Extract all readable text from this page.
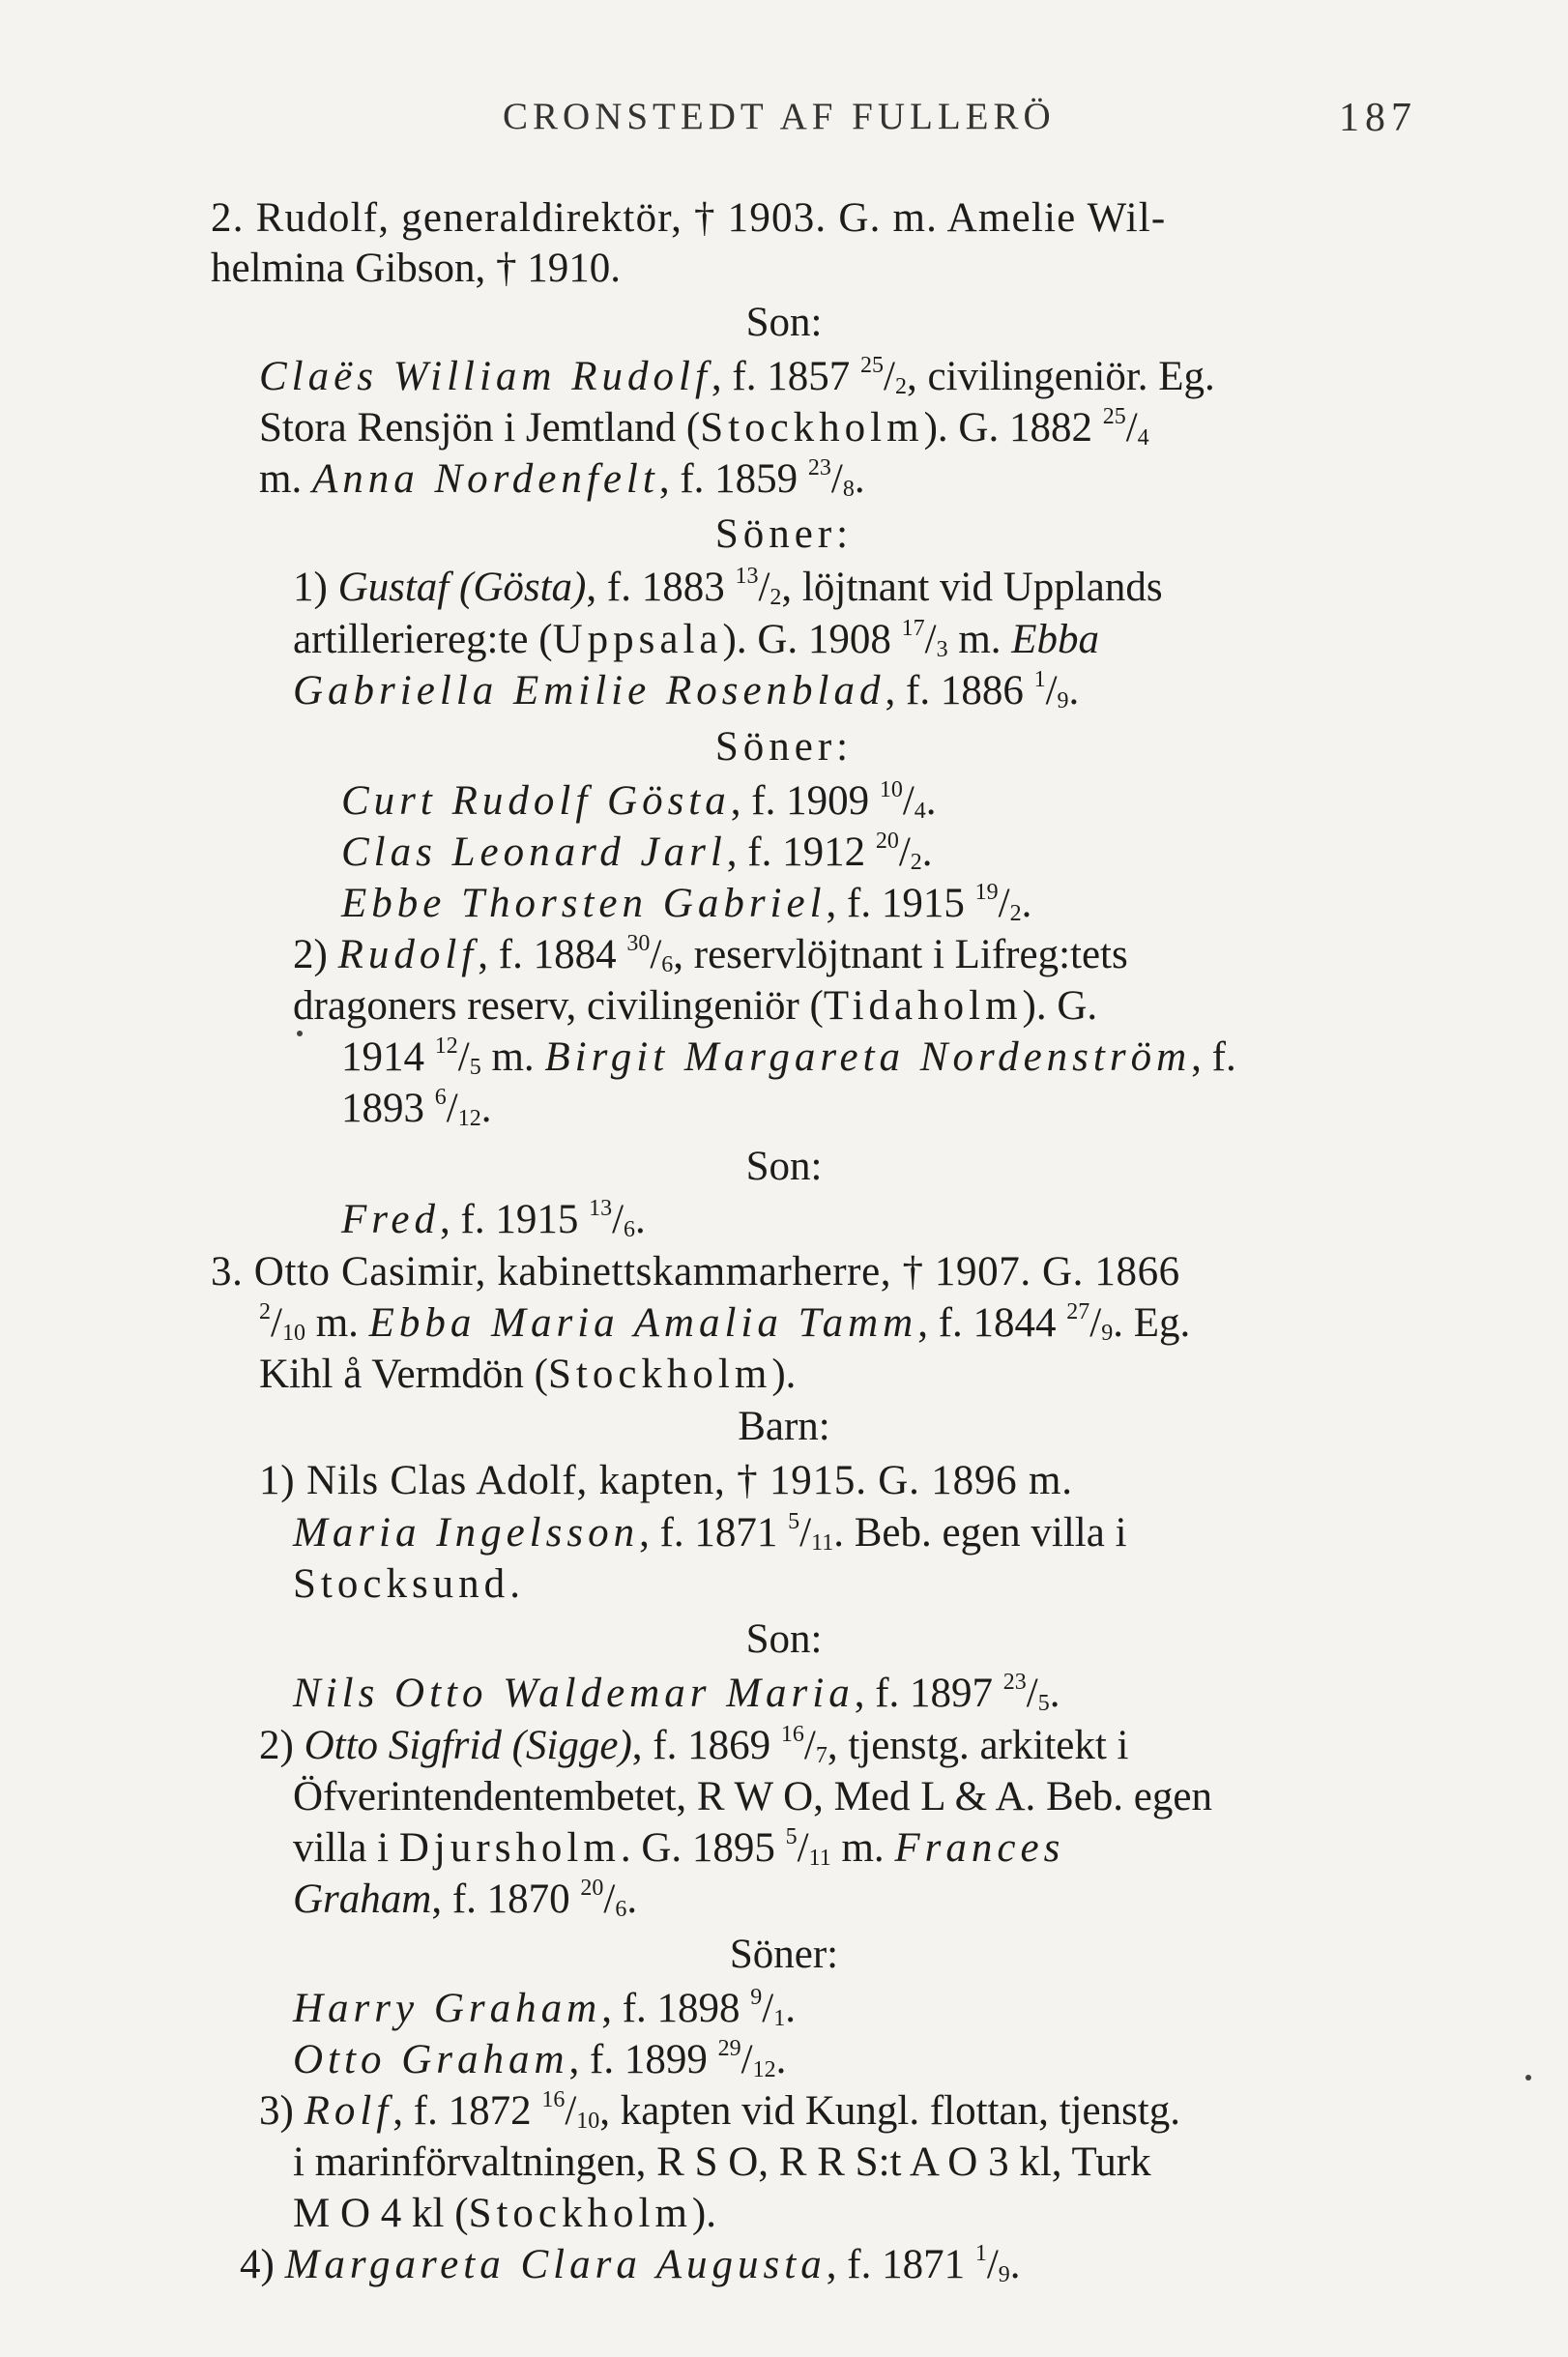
CRONSTEDT AF FULLERÖ	187
2. Rudolf, generaldirektör, † 1903. G. m. Amelie Wil-
helmina Gibson, † 1910.
Son:
Claës William Rudolf, f. 1857 $^{25}/_2$, civilingeniör. Eg.
Stora Rensjön i Jemtland (Stockholm). G. 1882 $^{25}/_4$
m. Anna Nordenfelt, f. 1859 $^{23}/_8$.
Söner:
1) Gustaf (Gösta), f. 1883 $^{13}/_2$, löjtnant vid Upplands
artilleriereg:te (Uppsala). G. 1908 $^{17}/_3$ m. Ebba
Gabriella Emilie Rosenblad, f. 1886 $^1/_9$.
Söner:
Curt Rudolf Gösta, f. 1909 $^{10}/_4$.
Clas Leonard Jarl, f. 1912 $^{20}/_2$.
Ebbe Thorsten Gabriel, f. 1915 $^{19}/_2$.
2) Rudolf, f. 1884 $^{30}/_6$, reservlöjtnant i Lifreg:tets
dragoners reserv, civilingeniör (Tidaholm). G.
1914 $^{12}/_5$ m. Birgit Margareta Nordenström, f.
1893 $^6/_{12}$.
Son:
Fred, f. 1915 $^{13}/_6$.
3. Otto Casimir, kabinettskammarherre, † 1907. G. 1866
$^2/_{10}$ m. Ebba Maria Amalia Tamm, f. 1844 $^{27}/_9$. Eg.
Kihl å Vermdön (Stockholm).
Barn:
1) Nils Clas Adolf, kapten, † 1915. G. 1896 m.
Maria Ingelsson, f. 1871 $^5/_{11}$. Beb. egen villa i
Stocksund.
Son:
Nils Otto Waldemar Maria, f. 1897 $^{23}/_5$.
2) Otto Sigfrid (Sigge), f. 1869 $^{16}/_7$, tjenstg. arkitekt i
Öfverintendentembetet, R W O, Med L & A. Beb. egen
villa i Djursholm. G. 1895 $^5/_{11}$ m. Frances
Graham, f. 1870 $^{20}/_6$.
Söner:
Harry Graham, f. 1898 $^9/_1$.
Otto Graham, f. 1899 $^{29}/_{12}$.
3) Rolf, f. 1872 $^{16}/_{10}$, kapten vid Kungl. flottan, tjenstg.
i marinförvaltningen, R S O, R R S:t A O 3 kl, Turk
M O 4 kl (Stockholm).
4) Margareta Clara Augusta, f. 1871 $^1/_9$.
